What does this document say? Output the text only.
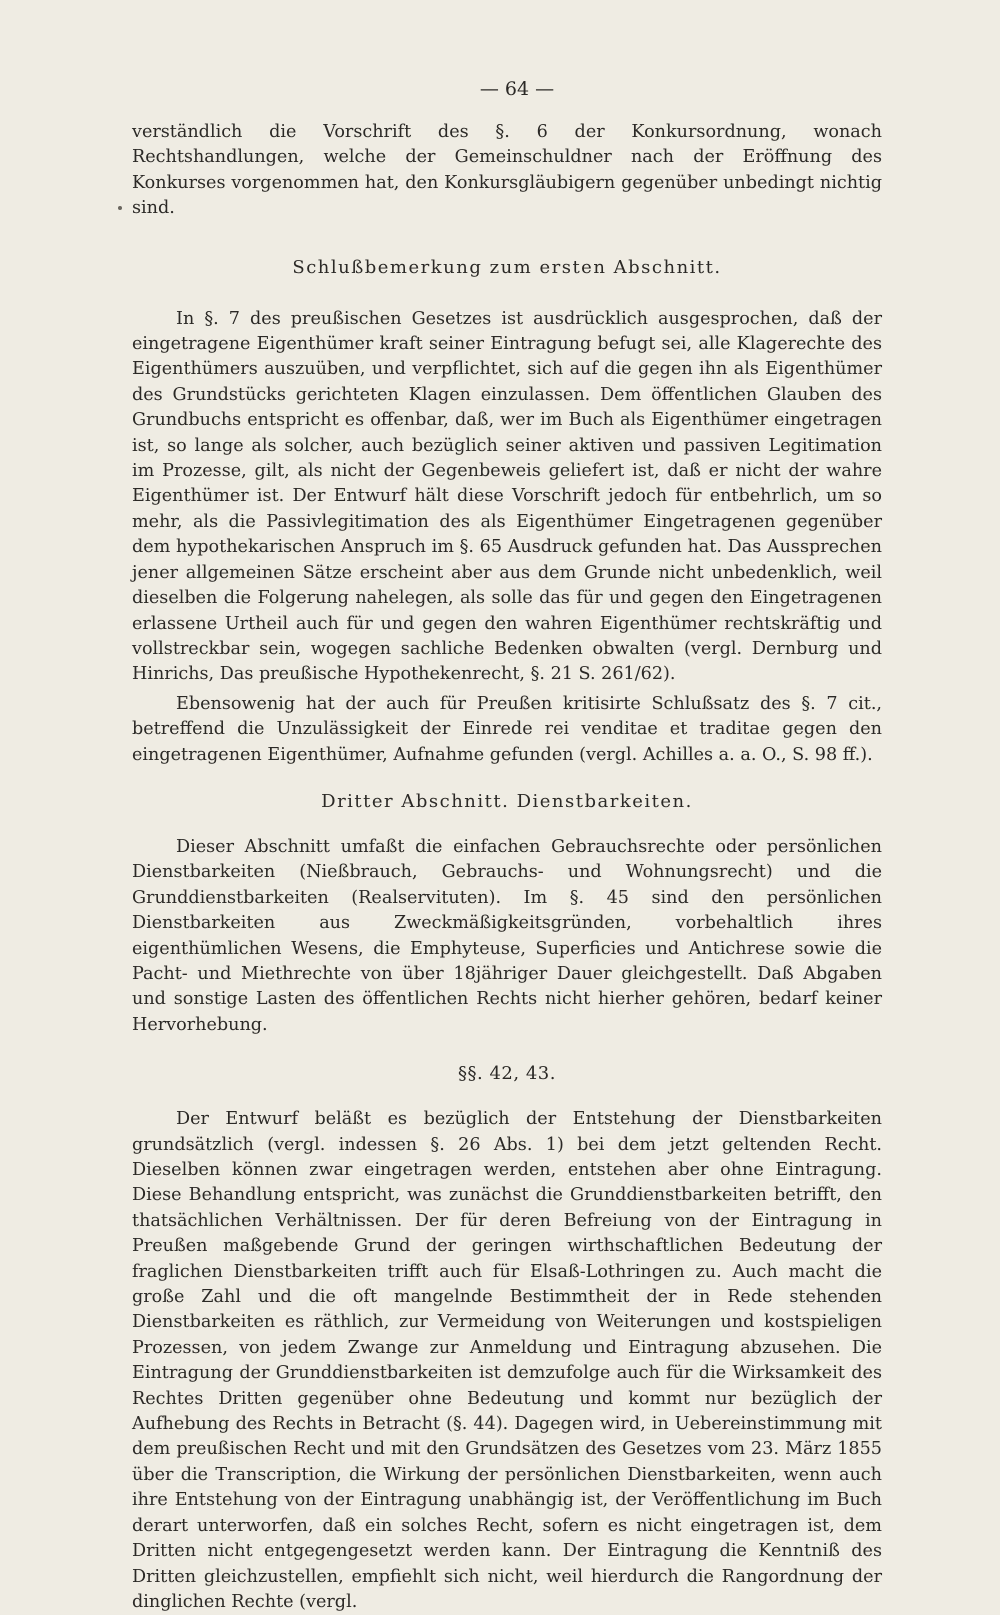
— 64 —

verständlich die Vorschrift des §. 6 der Konkursordnung, wonach Rechtshandlungen, welche der Gemeinschuldner nach der Eröffnung des Konkurses vorgenommen hat, den Konkursgläubigern gegenüber unbedingt nichtig sind.

Schlußbemerkung zum ersten Abschnitt.

In §. 7 des preußischen Gesetzes ist ausdrücklich ausgesprochen, daß der eingetragene Eigenthümer kraft seiner Eintragung befugt sei, alle Klagerechte des Eigenthümers auszuüben, und verpflichtet, sich auf die gegen ihn als Eigenthümer des Grundstücks gerichteten Klagen einzulassen. Dem öffentlichen Glauben des Grundbuchs entspricht es offenbar, daß, wer im Buch als Eigenthümer eingetragen ist, so lange als solcher, auch bezüglich seiner aktiven und passiven Legitimation im Prozesse, gilt, als nicht der Gegenbeweis geliefert ist, daß er nicht der wahre Eigenthümer ist. Der Entwurf hält diese Vorschrift jedoch für entbehrlich, um so mehr, als die Passivlegitimation des als Eigenthümer Eingetragenen gegenüber dem hypothekarischen Anspruch im §. 65 Ausdruck gefunden hat. Das Aussprechen jener allgemeinen Sätze erscheint aber aus dem Grunde nicht unbedenklich, weil dieselben die Folgerung nahelegen, als solle das für und gegen den Eingetragenen erlassene Urtheil auch für und gegen den wahren Eigenthümer rechtskräftig und vollstreckbar sein, wogegen sachliche Bedenken obwalten (vergl. Dernburg und Hinrichs, Das preußische Hypothekenrecht, §. 21 S. 261/62).

Ebensowenig hat der auch für Preußen kritisirte Schlußsatz des §. 7 cit., betreffend die Unzulässigkeit der Einrede rei venditae et traditae gegen den eingetragenen Eigenthümer, Aufnahme gefunden (vergl. Achilles a. a. O., S. 98 ff.).

Dritter Abschnitt. Dienstbarkeiten.

Dieser Abschnitt umfaßt die einfachen Gebrauchsrechte oder persönlichen Dienstbarkeiten (Nießbrauch, Gebrauchs- und Wohnungsrecht) und die Grunddienstbarkeiten (Realservituten). Im §. 45 sind den persönlichen Dienstbarkeiten aus Zweckmäßigkeitsgründen, vorbehaltlich ihres eigenthümlichen Wesens, die Emphyteuse, Superficies und Antichrese sowie die Pacht- und Miethrechte von über 18jähriger Dauer gleichgestellt. Daß Abgaben und sonstige Lasten des öffentlichen Rechts nicht hierher gehören, bedarf keiner Hervorhebung.

§§. 42, 43.

Der Entwurf beläßt es bezüglich der Entstehung der Dienstbarkeiten grundsätzlich (vergl. indessen §. 26 Abs. 1) bei dem jetzt geltenden Recht. Dieselben können zwar eingetragen werden, entstehen aber ohne Eintragung. Diese Behandlung entspricht, was zunächst die Grunddienstbarkeiten betrifft, den thatsächlichen Verhältnissen. Der für deren Befreiung von der Eintragung in Preußen maßgebende Grund der geringen wirthschaftlichen Bedeutung der fraglichen Dienstbarkeiten trifft auch für Elsaß-Lothringen zu. Auch macht die große Zahl und die oft mangelnde Bestimmtheit der in Rede stehenden Dienstbarkeiten es räthlich, zur Vermeidung von Weiterungen und kostspieligen Prozessen, von jedem Zwange zur Anmeldung und Eintragung abzusehen. Die Eintragung der Grunddienstbarkeiten ist demzufolge auch für die Wirksamkeit des Rechtes Dritten gegenüber ohne Bedeutung und kommt nur bezüglich der Aufhebung des Rechts in Betracht (§. 44). Dagegen wird, in Uebereinstimmung mit dem preußischen Recht und mit den Grundsätzen des Gesetzes vom 23. März 1855 über die Transcription, die Wirkung der persönlichen Dienstbarkeiten, wenn auch ihre Entstehung von der Eintragung unabhängig ist, der Veröffentlichung im Buch derart unterworfen, daß ein solches Recht, sofern es nicht eingetragen ist, dem Dritten nicht entgegengesetzt werden kann. Der Eintragung die Kenntniß des Dritten gleichzustellen, empfiehlt sich nicht, weil hierdurch die Rangordnung der dinglichen Rechte (vergl.
